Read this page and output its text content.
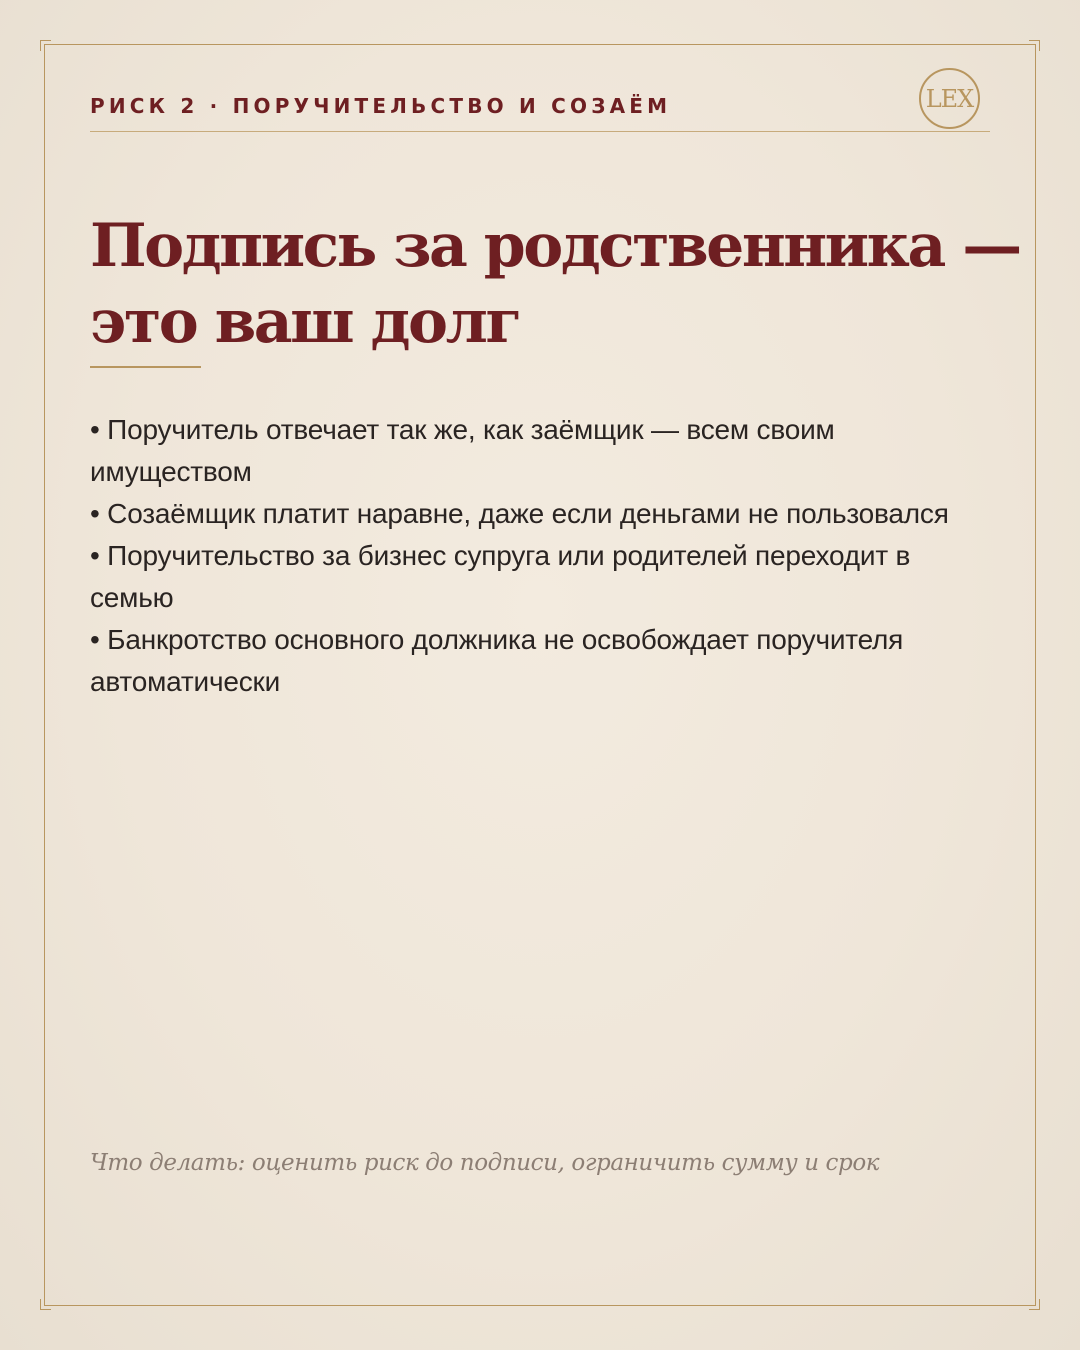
РИСК 2 · ПОРУЧИТЕЛЬСТВО И СОЗАЁМ	LEX
Подпись за родственника —
это ваш долг
• Поручитель отвечает так же, как заёмщик — всем своим имуществом
• Созаёмщик платит наравне, даже если деньгами не пользовался
• Поручительство за бизнес супруга или родителей переходит в семью
• Банкротство основного должника не освобождает поручителя автоматически

Что делать: оценить риск до подписи, ограничить сумму и срок
